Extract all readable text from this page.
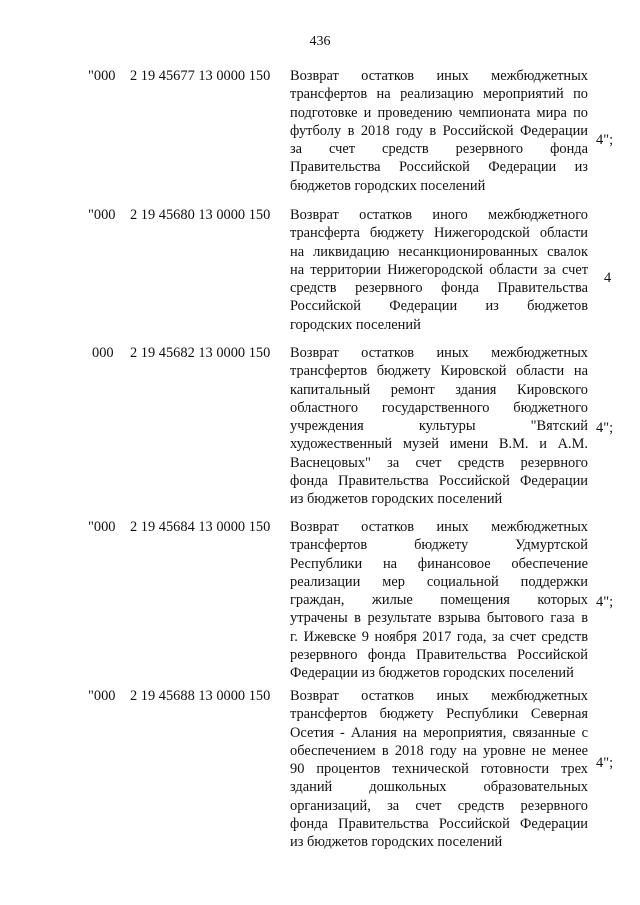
436
"000 2 19 45677 13 0000 150 Возврат остатков иных межбюджетных
трансфертов на реализацию мероприятий по
подготовке и проведению чемпионата мира по
футболу в 2018 году в Российской Федерации
за счет средств резервного фонда
Правительства Российской Федерации из
бюджетов городских поселений
4";
"000 2 19 45680 13 0000 150 Возврат остатков иного межбюджетного
трансферта бюджету Нижегородской области
на ликвидацию несанкционированных свалок
на территории Нижегородской области за счет
средств резервного фонда Правительства
Российской Федерации из бюджетов
городских поселений
4
000 2 19 45682 13 0000 150 Возврат остатков иных межбюджетных
трансфертов бюджету Кировской области на
капитальный ремонт здания Кировского
областного государственного бюджетного
учреждения культуры "Вятский
художественный музей имени В.М. и А.М.
Васнецовых" за счет средств резервного
фонда Правительства Российской Федерации
из бюджетов городских поселений
4";
"000 2 19 45684 13 0000 150 Возврат остатков иных межбюджетных
трансфертов бюджету Удмуртской
Республики на финансовое обеспечение
реализации мер социальной поддержки
граждан, жилые помещения которых
утрачены в результате взрыва бытового газа в
г. Ижевске 9 ноября 2017 года, за счет средств
резервного фонда Правительства Российской
Федерации из бюджетов городских поселений
4";
"000 2 19 45688 13 0000 150 Возврат остатков иных межбюджетных
трансфертов бюджету Республики Северная
Осетия - Алания на мероприятия, связанные с
обеспечением в 2018 году на уровне не менее
90 процентов технической готовности трех
зданий дошкольных образовательных
организаций, за счет средств резервного
фонда Правительства Российской Федерации
из бюджетов городских поселений
4";
